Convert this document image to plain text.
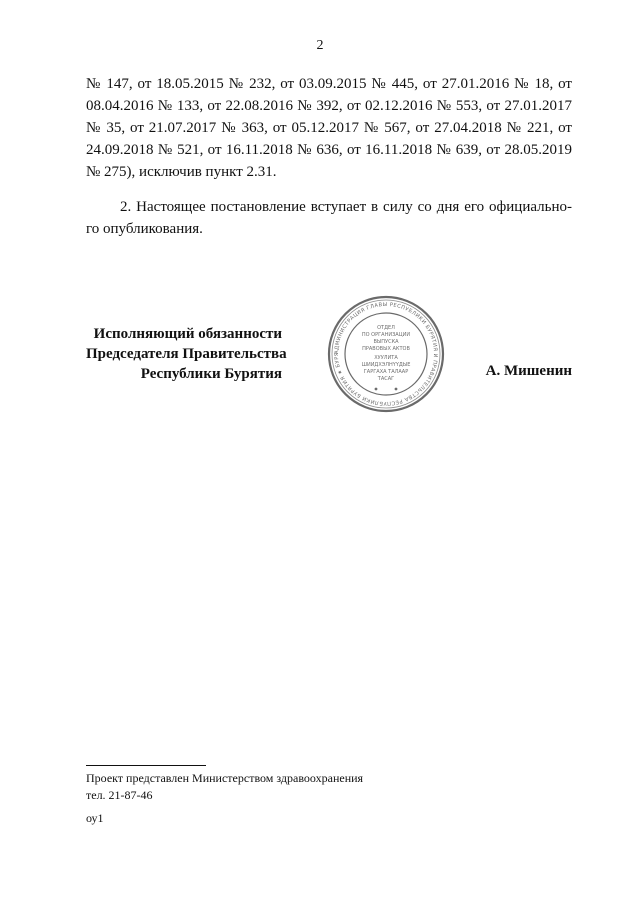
2
№ 147, от 18.05.2015 № 232, от 03.09.2015 № 445, от 27.01.2016 № 18, от
08.04.2016 № 133, от 22.08.2016 № 392, от 02.12.2016 № 553, от 27.01.2017
№ 35, от 21.07.2017 № 363, от 05.12.2017 № 567, от 27.04.2018 № 221, от
24.09.2018 № 521, от 16.11.2018 № 636, от 16.11.2018 № 639, от 28.05.2019
№ 275), исключив пункт 2.31.
2. Настоящее постановление вступает в силу со дня его официально-
го опубликования.
Исполняющий обязанности
Председателя Правительства
Республики Бурятия
АДМИНИСТРАЦИЯ ГЛАВЫ РЕСПУБЛИКИ БУРЯТИЯ И ПРАВИТЕЛЬСТВА РЕСПУБЛИКИ БУРЯТИЯ ★ БУРЯ
ОТДЕЛ
ПО ОРГАНИЗАЦИИ
ВЫПУСКА
ПРАВОВЫХ АКТОВ
ХУУЛИТА
ШИИДХЭЛНҮҮДЫЕ
ГАРГАХА ТАЛААР
ТАСАГ	А. Мишенин
Проект представлен Министерством здравоохранения
тел. 21-87-46
оу1
